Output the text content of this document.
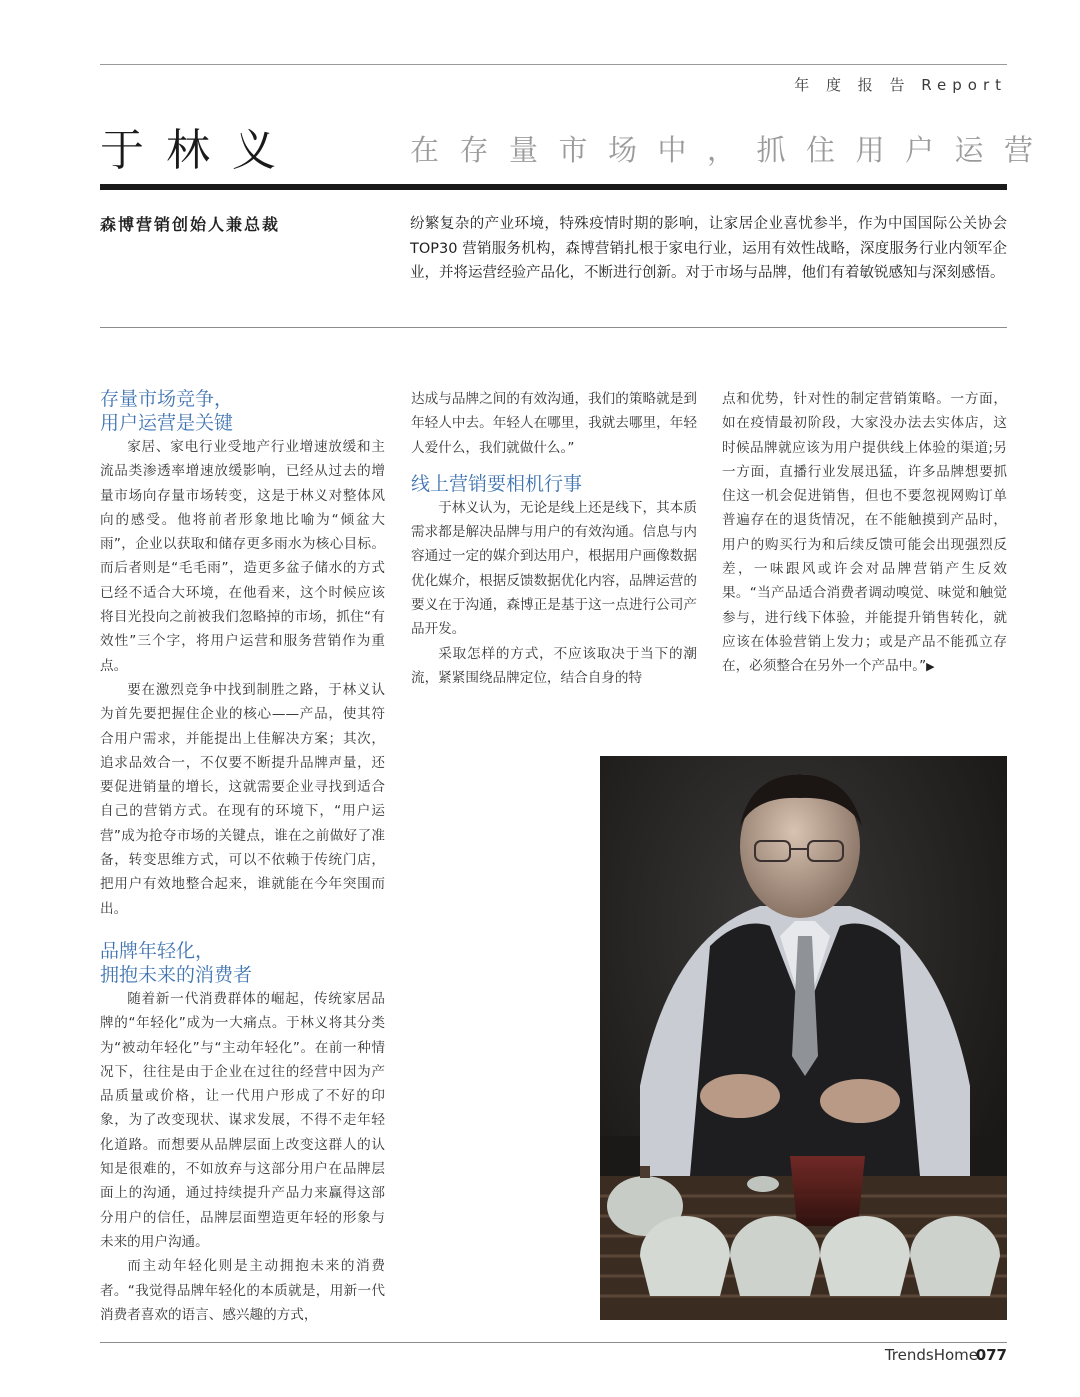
年 度 报 告 Report
于林义	在存量市场中，抓住用户运营
森博营销创始人兼总裁	纷繁复杂的产业环境，特殊疫情时期的影响，让家居企业喜忧参半，作为中国国际公关协会 TOP30 营销服务机构，森博营销扎根于家电行业，运用有效性战略，深度服务行业内领军企业，并将运营经验产品化，不断进行创新。对于市场与品牌，他们有着敏锐感知与深刻感悟。

存量市场竞争，
用户运营是关键

家居、家电行业受地产行业增速放缓和主流品类渗透率增速放缓影响，已经从过去的增量市场向存量市场转变，这是于林义对整体风向的感受。他将前者形象地比喻为“倾盆大雨”，企业以获取和储存更多雨水为核心目标。而后者则是“毛毛雨”，造更多盆子储水的方式已经不适合大环境，在他看来，这个时候应该将目光投向之前被我们忽略掉的市场，抓住“有效性”三个字，将用户运营和服务营销作为重点。

要在激烈竞争中找到制胜之路，于林义认为首先要把握住企业的核心——产品，使其符合用户需求，并能提出上佳解决方案；其次，追求品效合一，不仅要不断提升品牌声量，还要促进销量的增长，这就需要企业寻找到适合自己的营销方式。在现有的环境下，“用户运营”成为抢夺市场的关键点，谁在之前做好了准备，转变思维方式，可以不依赖于传统门店，把用户有效地整合起来，谁就能在今年突围而出。

品牌年轻化，
拥抱未来的消费者

随着新一代消费群体的崛起，传统家居品牌的“年轻化”成为一大痛点。于林义将其分类为“被动年轻化”与“主动年轻化”。在前一种情况下，往往是由于企业在过往的经营中因为产品质量或价格，让一代用户形成了不好的印象，为了改变现状、谋求发展，不得不走年轻化道路。而想要从品牌层面上改变这群人的认知是很难的，不如放弃与这部分用户在品牌层面上的沟通，通过持续提升产品力来赢得这部分用户的信任，品牌层面塑造更年轻的形象与未来的用户沟通。

而主动年轻化则是主动拥抱未来的消费者。“我觉得品牌年轻化的本质就是，用新一代消费者喜欢的语言、感兴趣的方式，

达成与品牌之间的有效沟通，我们的策略就是到年轻人中去。年轻人在哪里，我就去哪里，年轻人爱什么，我们就做什么。”

线上营销要相机行事

于林义认为，无论是线上还是线下，其本质需求都是解决品牌与用户的有效沟通。信息与内容通过一定的媒介到达用户，根据用户画像数据优化媒介，根据反馈数据优化内容，品牌运营的要义在于沟通，森博正是基于这一点进行公司产品开发。

采取怎样的方式，不应该取决于当下的潮流，紧紧围绕品牌定位，结合自身的特

点和优势，针对性的制定营销策略。一方面，如在疫情最初阶段，大家没办法去实体店，这时候品牌就应该为用户提供线上体验的渠道;另一方面，直播行业发展迅猛，许多品牌想要抓住这一机会促进销售，但也不要忽视网购订单普遍存在的退货情况，在不能触摸到产品时，用户的购买行为和后续反馈可能会出现强烈反差，一味跟风或许会对品牌营销产生反效果。“当产品适合消费者调动嗅觉、味觉和触觉参与，进行线下体验，并能提升销售转化，就应该在体验营销上发力；或是产品不能孤立存在，必须整合在另外一个产品中。”▶

TrendsHome
077
